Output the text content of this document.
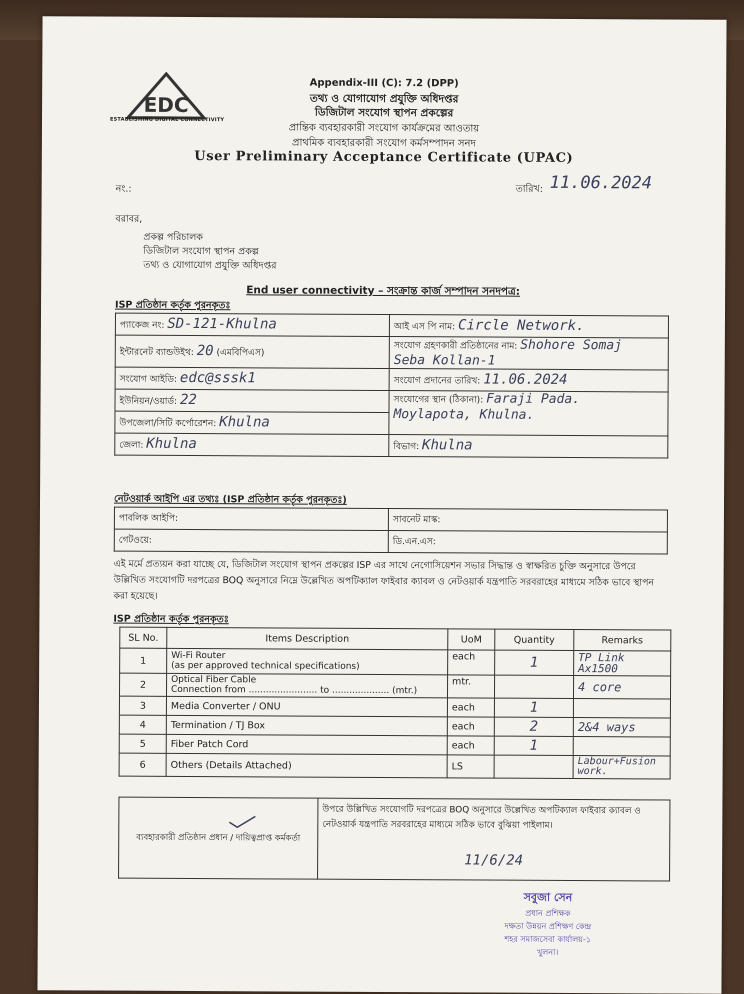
EDC
ESTABLISHING DIGITAL CONNECTIVITY
Appendix-III (C): 7.2 (DPP)
তথ্য ও যোগাযোগ প্রযুক্তি অধিদপ্তর
ডিজিটাল সংযোগ স্থাপন প্রকল্পের
প্রান্তিক ব্যবহারকারী সংযোগ কার্যক্রমের আওতায়
প্রাথমিক ব্যবহারকারী সংযোগ কর্মসম্পাদন সনদ
User Preliminary Acceptance Certificate (UPAC)
নং.:	তারিখ: 11.06.2024
বরাবর,
প্রকল্প পরিচালক
ডিজিটাল সংযোগ স্থাপন প্রকল্প
তথ্য ও যোগাযোগ প্রযুক্তি অধিদপ্তর
End user connectivity – সংক্রান্ত কার্জ সম্পাদন সনদপত্র:
ISP প্রতিষ্ঠান কর্তৃক পুরনকৃতঃ
প্যাকেজ নং: SD-121-Khulna	আই এস পি নাম: Circle Network.
ইন্টারনেট ব্যান্ডউইথ: 20 (এমবিপিএস)	সংযোগ গ্রহণকারী প্রতিষ্ঠানের নাম: Shohore Somaj
Seba Kollan-1
সংযোগ আইডি: edc@sssk1	সংযোগ প্রদানের তারিখ: 11.06.2024
ইউনিয়ন/ওয়ার্ড: 22	সংযোগের স্থান (ঠিকানা): Faraji Pada.
Moylapota, Khulna.
উপজেলা/সিটি কর্পোরেশন: Khulna	
জেলা: Khulna	বিভাগ: Khulna
নেটওয়ার্ক আইপি এর তথ্যঃ (ISP প্রতিষ্ঠান কর্তৃক পুরনকৃতঃ)
পাবলিক আইপি:	সাবনেট মাস্ক:
গেটওয়ে:	ডি.এন.এস:
এই মর্মে প্রত্যয়ন করা যাচ্ছে যে, ডিজিটাল সংযোগ স্থাপন প্রকল্পের ISP এর সাথে নেগোসিয়েশন সভার সিদ্ধান্ত ও স্বাক্ষরিত চুক্তি অনুসারে উপরে উল্লিখিত সংযোগটি দরপত্রের BOQ অনুসারে নিম্নে উল্লেখিত অপটিক্যাল ফাইবার ক্যাবল ও নেটওয়ার্ক যন্ত্রপাতি সরবরাহের মাধ্যমে সঠিক ভাবে স্থাপন করা হয়েছে।
ISP প্রতিষ্ঠান কর্তৃক পুরনকৃতঃ
SL No.	Items Description	UoM	Quantity	Remarks
1	Wi-Fi Router
(as per approved technical specifications)	each	1	TP Link Ax1500
2	Optical Fiber Cable
Connection from ........................ to .................... (mtr.)	mtr.		4 core
3	Media Converter / ONU	each	1	
4	Termination / TJ Box	each	2	2&4 ways
5	Fiber Patch Cord	each	1	
6	Others (Details Attached)	LS		Labour+Fusion work.
ব্যবহারকারী প্রতিষ্ঠান প্রধান / দায়িত্বপ্রাপ্ত কর্মকর্তা	উপরে উল্লিখিত সংযোগটি দরপত্রের BOQ অনুসারে উল্লেখিত অপটিক্যাল ফাইবার ক্যাবল ও নেটওয়ার্ক যন্ত্রপাতি সরবরাহের মাধ্যমে সঠিক ভাবে বুঝিয়া পাইলাম।
11/6/24
সবুজা সেন
প্রধান প্রশিক্ষক
দক্ষতা উন্নয়ন প্রশিক্ষণ কেন্দ্র
শহর সমাজসেবা কার্যালয়-১
খুলনা।
